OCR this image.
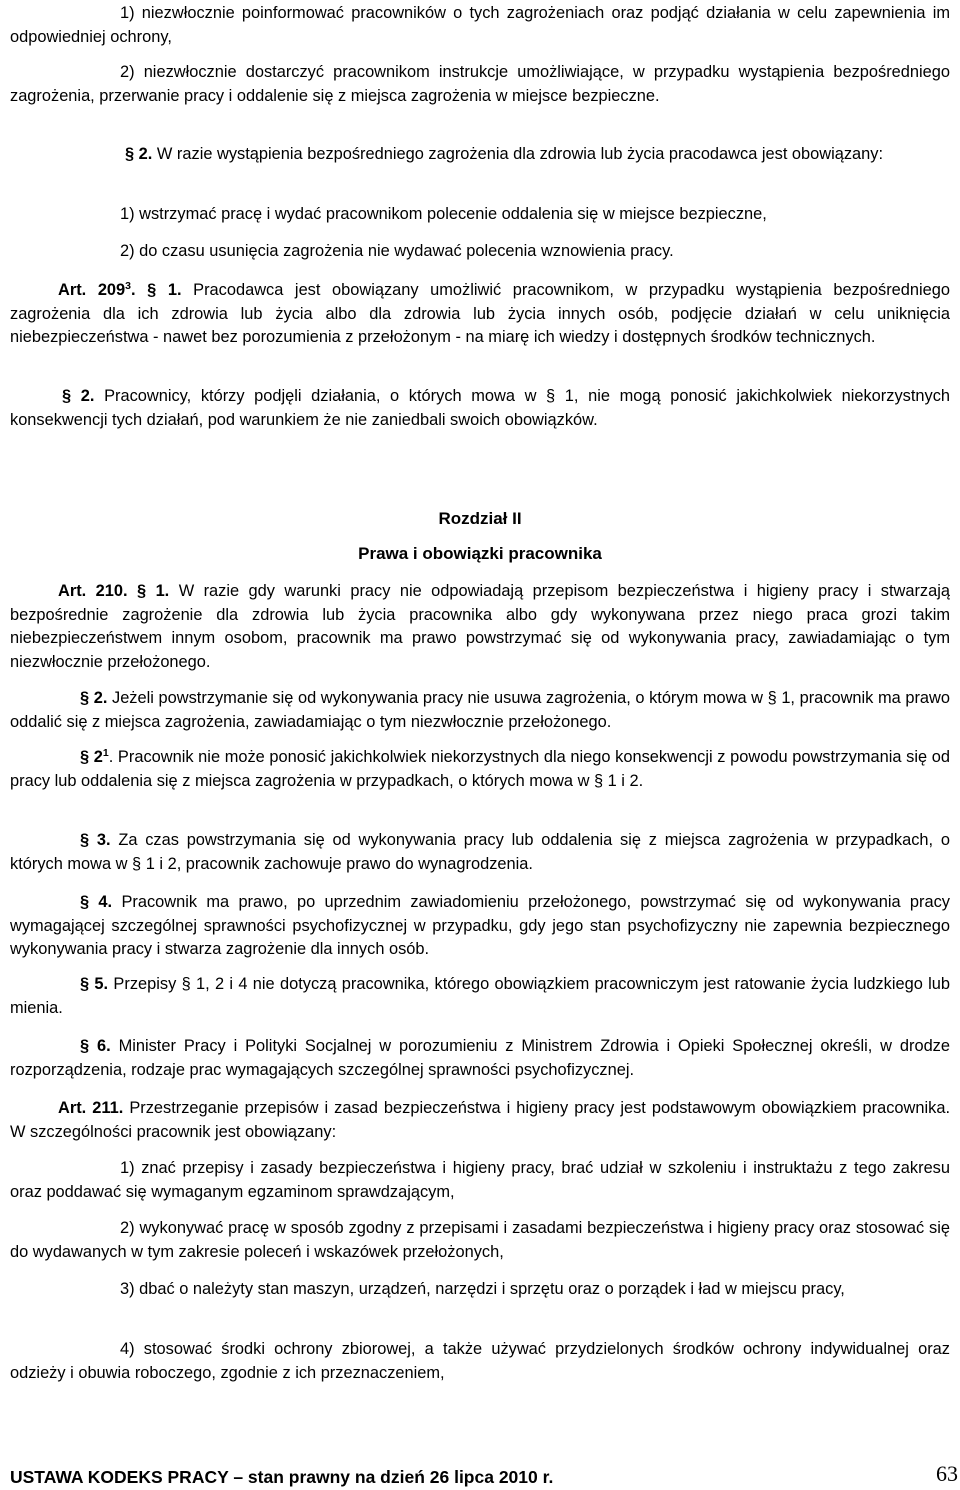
1) niezwłocznie poinformować pracowników o tych zagrożeniach oraz podjąć działania w celu zapewnienia im odpowiedniej ochrony,

2) niezwłocznie dostarczyć pracownikom instrukcje umożliwiające, w przypadku wystąpienia bezpośredniego zagrożenia, przerwanie pracy i oddalenie się z miejsca zagrożenia w miejsce bezpieczne.

§ 2. W razie wystąpienia bezpośredniego zagrożenia dla zdrowia lub życia pracodawca jest obowiązany:

1) wstrzymać pracę i wydać pracownikom polecenie oddalenia się w miejsce bezpieczne,

2) do czasu usunięcia zagrożenia nie wydawać polecenia wznowienia pracy.

Art. $209^3$. § 1. Pracodawca jest obowiązany umożliwić pracownikom, w przypadku wystąpienia bezpośredniego zagrożenia dla ich zdrowia lub życia albo dla zdrowia lub życia innych osób, podjęcie działań w celu uniknięcia niebezpieczeństwa - nawet bez porozumienia z przełożonym - na miarę ich wiedzy i dostępnych środków technicznych.

§ 2. Pracownicy, którzy podjęli działania, o których mowa w § 1, nie mogą ponosić jakichkolwiek niekorzystnych konsekwencji tych działań, pod warunkiem że nie zaniedbali swoich obowiązków.

Rozdział II
Prawa i obowiązki pracownika

Art. 210. § 1. W razie gdy warunki pracy nie odpowiadają przepisom bezpieczeństwa i higieny pracy i stwarzają bezpośrednie zagrożenie dla zdrowia lub życia pracownika albo gdy wykonywana przez niego praca grozi takim niebezpieczeństwem innym osobom, pracownik ma prawo powstrzymać się od wykonywania pracy, zawiadamiając o tym niezwłocznie przełożonego.

§ 2. Jeżeli powstrzymanie się od wykonywania pracy nie usuwa zagrożenia, o którym mowa w § 1, pracownik ma prawo oddalić się z miejsca zagrożenia, zawiadamiając o tym niezwłocznie przełożonego.

§ $2^1$. Pracownik nie może ponosić jakichkolwiek niekorzystnych dla niego konsekwencji z powodu powstrzymania się od pracy lub oddalenia się z miejsca zagrożenia w przypadkach, o których mowa w § 1 i 2.

§ 3. Za czas powstrzymania się od wykonywania pracy lub oddalenia się z miejsca zagrożenia w przypadkach, o których mowa w § 1 i 2, pracownik zachowuje prawo do wynagrodzenia.

§ 4. Pracownik ma prawo, po uprzednim zawiadomieniu przełożonego, powstrzymać się od wykonywania pracy wymagającej szczególnej sprawności psychofizycznej w przypadku, gdy jego stan psychofizyczny nie zapewnia bezpiecznego wykonywania pracy i stwarza zagrożenie dla innych osób.

§ 5. Przepisy § 1, 2 i 4 nie dotyczą pracownika, którego obowiązkiem pracowniczym jest ratowanie życia ludzkiego lub mienia.

§ 6. Minister Pracy i Polityki Socjalnej w porozumieniu z Ministrem Zdrowia i Opieki Społecznej określi, w drodze rozporządzenia, rodzaje prac wymagających szczególnej sprawności psychofizycznej.

Art. 211. Przestrzeganie przepisów i zasad bezpieczeństwa i higieny pracy jest podstawowym obowiązkiem pracownika. W szczególności pracownik jest obowiązany:

1) znać przepisy i zasady bezpieczeństwa i higieny pracy, brać udział w szkoleniu i instruktażu z tego zakresu oraz poddawać się wymaganym egzaminom sprawdzającym,

2) wykonywać pracę w sposób zgodny z przepisami i zasadami bezpieczeństwa i higieny pracy oraz stosować się do wydawanych w tym zakresie poleceń i wskazówek przełożonych,

3) dbać o należyty stan maszyn, urządzeń, narzędzi i sprzętu oraz o porządek i ład w miejscu pracy,

4) stosować środki ochrony zbiorowej, a także używać przydzielonych środków ochrony indywidualnej oraz odzieży i obuwia roboczego, zgodnie z ich przeznaczeniem,

USTAWA KODEKS PRACY – stan prawny na dzień 26 lipca 2010 r.	63
